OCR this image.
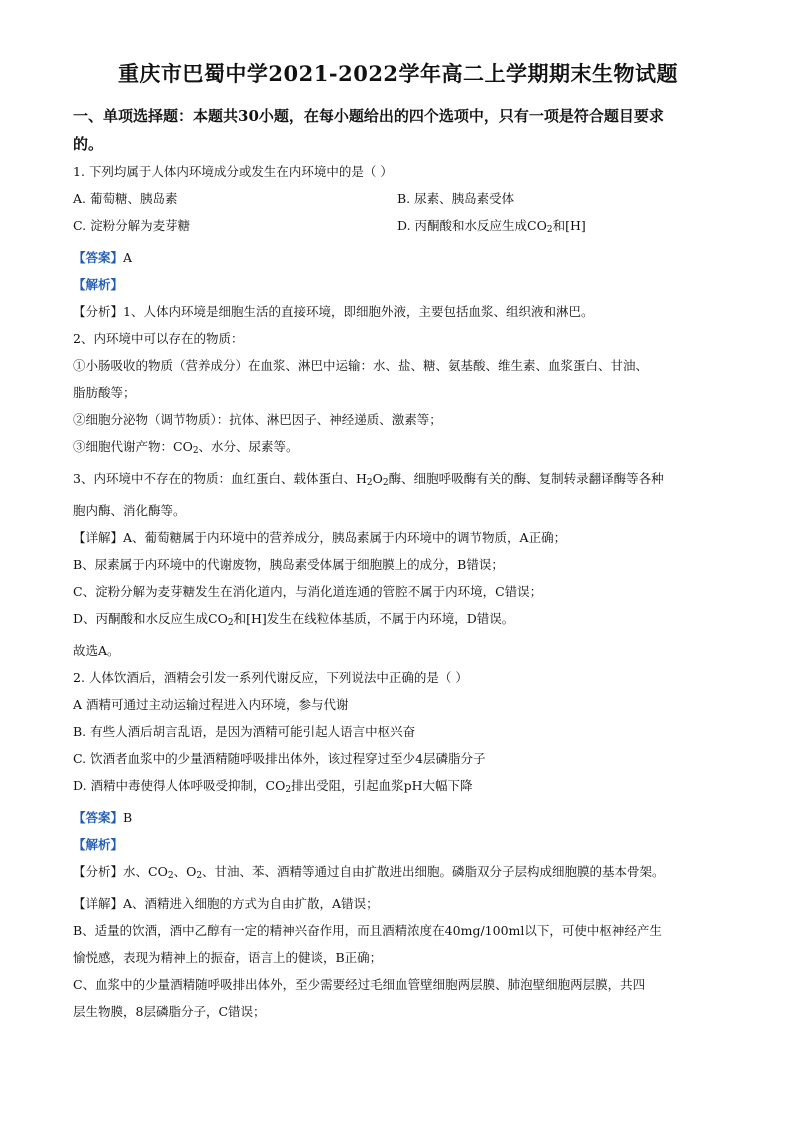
重庆市巴蜀中学2021-2022学年高二上学期期末生物试题

一、单项选择题：本题共30小题，在每小题给出的四个选项中，只有一项是符合题目要求

的。

1. 下列均属于人体内环境成分或发生在内环境中的是（ ）

A. 葡萄糖、胰岛素	B. 尿素、胰岛素受体
C. 淀粉分解为麦芽糖	D. 丙酮酸和水反应生成$CO_2$和[H]

【答案】A

【解析】

【分析】1、人体内环境是细胞生活的直接环境，即细胞外液，主要包括血浆、组织液和淋巴。

2、内环境中可以存在的物质：

①小肠吸收的物质（营养成分）在血浆、淋巴中运输：水、盐、糖、氨基酸、维生素、血浆蛋白、甘油、

脂肪酸等；

②细胞分泌物（调节物质）：抗体、淋巴因子、神经递质、激素等；

③细胞代谢产物：$CO_2$、水分、尿素等。

3、内环境中不存在的物质：血红蛋白、载体蛋白、$H_2O_2$酶、细胞呼吸酶有关的酶、复制转录翻译酶等各种

胞内酶、消化酶等。

【详解】A、葡萄糖属于内环境中的营养成分，胰岛素属于内环境中的调节物质，A正确；

B、尿素属于内环境中的代谢废物，胰岛素受体属于细胞膜上的成分，B错误；

C、淀粉分解为麦芽糖发生在消化道内，与消化道连通的管腔不属于内环境，C错误；

D、丙酮酸和水反应生成$CO_2$和[H]发生在线粒体基质，不属于内环境，D错误。

故选A。

2. 人体饮酒后，酒精会引发一系列代谢反应，下列说法中正确的是（ ）

A 酒精可通过主动运输过程进入内环境，参与代谢

B. 有些人酒后胡言乱语，是因为酒精可能引起人语言中枢兴奋

C. 饮酒者血浆中的少量酒精随呼吸排出体外，该过程穿过至少4层磷脂分子

D. 酒精中毒使得人体呼吸受抑制，$CO_2$排出受阻，引起血浆pH大幅下降

【答案】B

【解析】

【分析】水、$CO_2$、$O_2$、甘油、苯、酒精等通过自由扩散进出细胞。磷脂双分子层构成细胞膜的基本骨架。

【详解】A、酒精进入细胞的方式为自由扩散，A错误；

B、适量的饮酒，酒中乙醇有一定的精神兴奋作用，而且酒精浓度在40mg/100ml以下，可使中枢神经产生

愉悦感，表现为精神上的振奋，语言上的健谈，B正确；

C、血浆中的少量酒精随呼吸排出体外，至少需要经过毛细血管壁细胞两层膜、肺泡壁细胞两层膜，共四

层生物膜，8层磷脂分子，C错误；
